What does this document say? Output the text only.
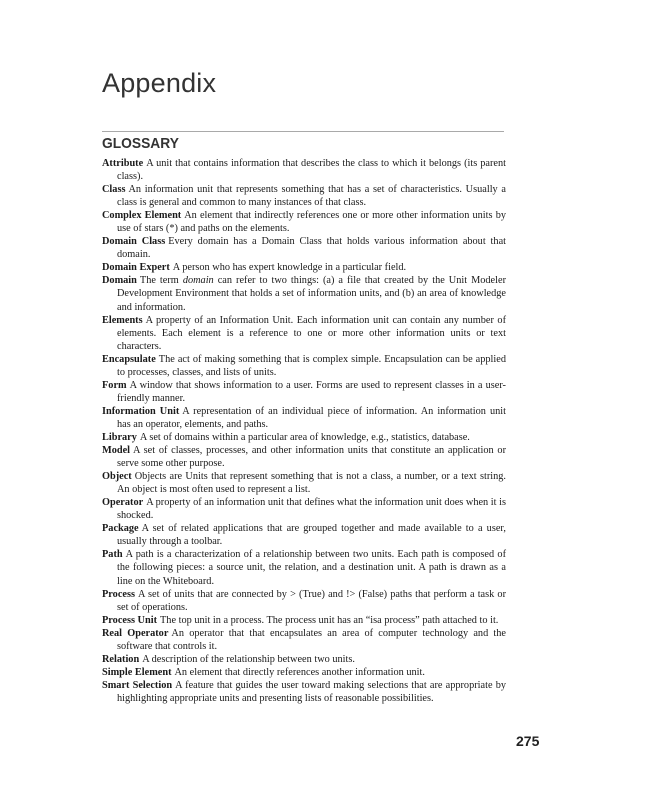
Appendix
GLOSSARY

Attribute A unit that contains information that describes the class to which it belongs (its parent class).

Class An information unit that represents something that has a set of characteristics. Usually a class is general and common to many instances of that class.

Complex Element An element that indirectly references one or more other information units by use of stars (*) and paths on the elements.

Domain Class Every domain has a Domain Class that holds various information about that domain.

Domain Expert A person who has expert knowledge in a particular field.

Domain The term domain can refer to two things: (a) a file that created by the Unit Modeler Development Environment that holds a set of information units, and (b) an area of knowledge and information.

Elements A property of an Information Unit. Each information unit can contain any number of elements. Each element is a reference to one or more other information units or text characters.

Encapsulate The act of making something that is complex simple. Encapsulation can be applied to processes, classes, and lists of units.

Form A window that shows information to a user. Forms are used to represent classes in a user-friendly manner.

Information Unit A representation of an individual piece of information. An information unit has an operator, elements, and paths.

Library A set of domains within a particular area of knowledge, e.g., statistics, database.

Model A set of classes, processes, and other information units that constitute an application or serve some other purpose.

Object Objects are Units that represent something that is not a class, a number, or a text string. An object is most often used to represent a list.

Operator A property of an information unit that defines what the information unit does when it is shocked.

Package A set of related applications that are grouped together and made available to a user, usually through a toolbar.

Path A path is a characterization of a relationship between two units. Each path is composed of the following pieces: a source unit, the relation, and a destination unit. A path is drawn as a line on the Whiteboard.

Process A set of units that are connected by > (True) and !> (False) paths that perform a task or set of operations.

Process Unit The top unit in a process. The process unit has an “isa process” path attached to it.

Real Operator An operator that that encapsulates an area of computer technology and the software that controls it.

Relation A description of the relationship between two units.

Simple Element An element that directly references another information unit.

Smart Selection A feature that guides the user toward making selections that are appropriate by highlighting appropriate units and presenting lists of reasonable possibilities.

275
